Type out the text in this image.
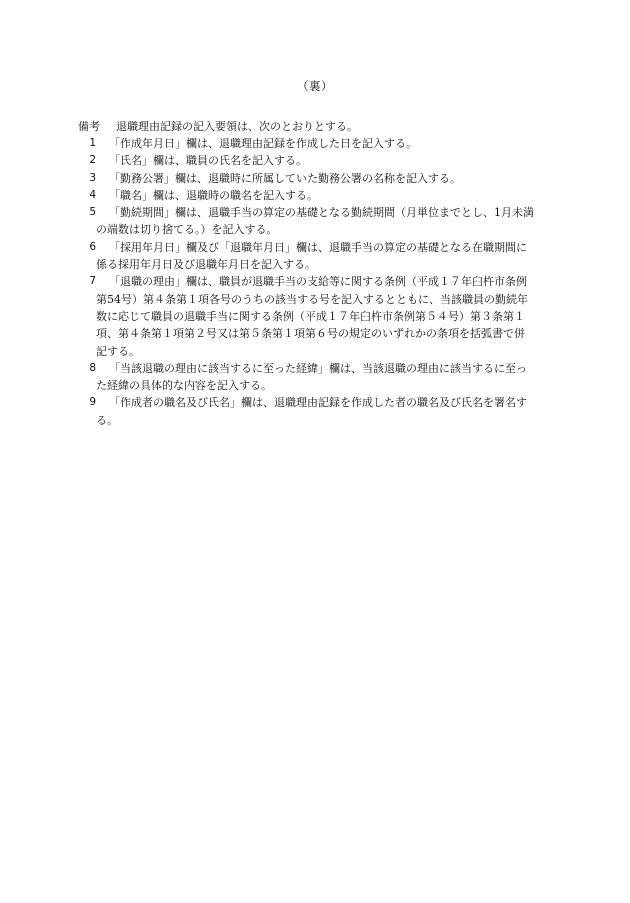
（裏）
備考 退職理由記録の記入要領は、次のとおりとする。
1 「作成年月日」欄は、退職理由記録を作成した日を記入する。
2 「氏名」欄は、職員の氏名を記入する。
3 「勤務公署」欄は、退職時に所属していた勤務公署の名称を記入する。
4 「職名」欄は、退職時の職名を記入する。
5 「勤続期間」欄は、退職手当の算定の基礎となる勤続期間（月単位までとし、1月未満
の端数は切り捨てる。）を記入する。
6 「採用年月日」欄及び「退職年月日」欄は、退職手当の算定の基礎となる在職期間に
係る採用年月日及び退職年月日を記入する。
7 「退職の理由」欄は、職員が退職手当の支給等に関する条例（平成１７年臼杵市条例
第54号）第４条第１項各号のうちの該当する号を記入するとともに、当該職員の勤続年
数に応じて職員の退職手当に関する条例（平成１７年臼杵市条例第５４号）第３条第１
項、第４条第１項第２号又は第５条第１項第６号の規定のいずれかの条項を括弧書で併
記する。
8 「当該退職の理由に該当するに至った経緯」欄は、当該退職の理由に該当するに至っ
た経緯の具体的な内容を記入する。
9 「作成者の職名及び氏名」欄は、退職理由記録を作成した者の職名及び氏名を署名す
る。
